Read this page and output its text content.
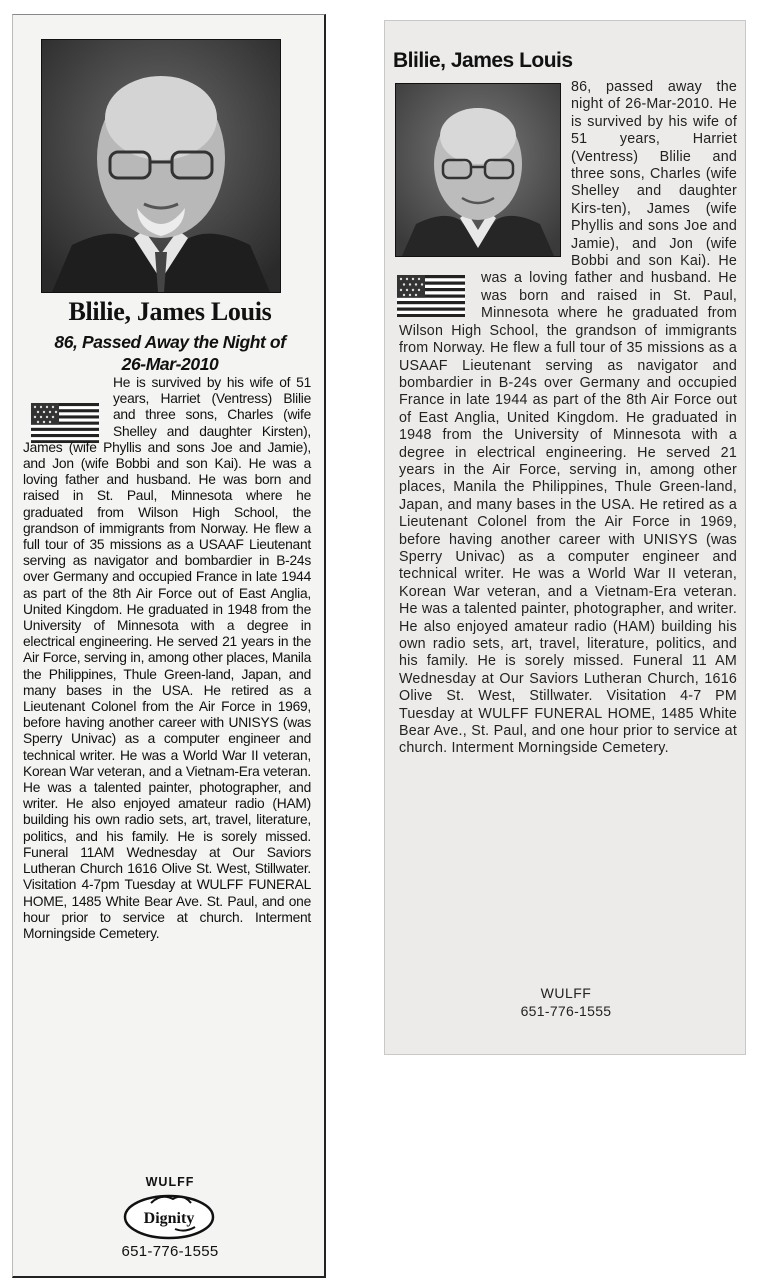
Blilie, James Louis
86, Passed Away the Night of
26-Mar-2010
He is survived by his wife of 51 years, Harriet (Ventress) Blilie and three sons, Charles (wife Shelley and daughter Kirsten), James (wife Phyllis and sons Joe and Jamie), and Jon (wife Bobbi and son Kai). He was a loving father and husband. He was born and raised in St. Paul, Minnesota where he graduated from Wilson High School, the grandson of immigrants from Norway. He flew a full tour of 35 missions as a USAAF Lieutenant serving as navigator and bombardier in B-24s over Germany and occupied France in late 1944 as part of the 8th Air Force out of East Anglia, United Kingdom. He graduated in 1948 from the University of Minnesota with a degree in electrical engineering. He served 21 years in the Air Force, serving in, among other places, Manila the Philippines, Thule Green-land, Japan, and many bases in the USA. He retired as a Lieutenant Colonel from the Air Force in 1969, before having another career with UNISYS (was Sperry Univac) as a computer engineer and technical writer. He was a World War II veteran, Korean War veteran, and a Vietnam-Era veteran. He was a talented painter, photographer, and writer. He also enjoyed amateur radio (HAM) building his own radio sets, art, travel, literature, politics, and his family. He is sorely missed. Funeral 11AM Wednesday at Our Saviors Lutheran Church 1616 Olive St. West, Stillwater. Visitation 4-7pm Tuesday at WULFF FUNERAL HOME, 1485 White Bear Ave. St. Paul, and one hour prior to service at church. Interment Morningside Cemetery.
WULFF
Dignity
651-776-1555
Blilie, James Louis
86, passed away the night of 26-Mar-2010. He is survived by his wife of 51 years, Harriet (Ventress) Blilie and three sons, Charles (wife Shelley and daughter Kirs-ten), James (wife Phyllis and sons Joe and Jamie), and Jon (wife Bobbi and son Kai). He was a loving father and husband. He was born and raised in St. Paul, Minnesota where he graduated from Wilson High School, the grandson of immigrants from Norway. He flew a full tour of 35 missions as a USAAF Lieutenant serving as navigator and bombardier in B-24s over Germany and occupied France in late 1944 as part of the 8th Air Force out of East Anglia, United Kingdom. He graduated in 1948 from the University of Minnesota with a degree in electrical engineering. He served 21 years in the Air Force, serving in, among other places, Manila the Philippines, Thule Green-land, Japan, and many bases in the USA. He retired as a Lieutenant Colonel from the Air Force in 1969, before having another career with UNISYS (was Sperry Univac) as a computer engineer and technical writer. He was a World War II veteran, Korean War veteran, and a Vietnam-Era veteran. He was a talented painter, photographer, and writer. He also enjoyed amateur radio (HAM) building his own radio sets, art, travel, literature, politics, and his family. He is sorely missed. Funeral 11 AM Wednesday at Our Saviors Lutheran Church, 1616 Olive St. West, Stillwater. Visitation 4-7 PM Tuesday at WULFF FUNERAL HOME, 1485 White Bear Ave., St. Paul, and one hour prior to service at church. Interment Morningside Cemetery.
WULFF
651-776-1555
